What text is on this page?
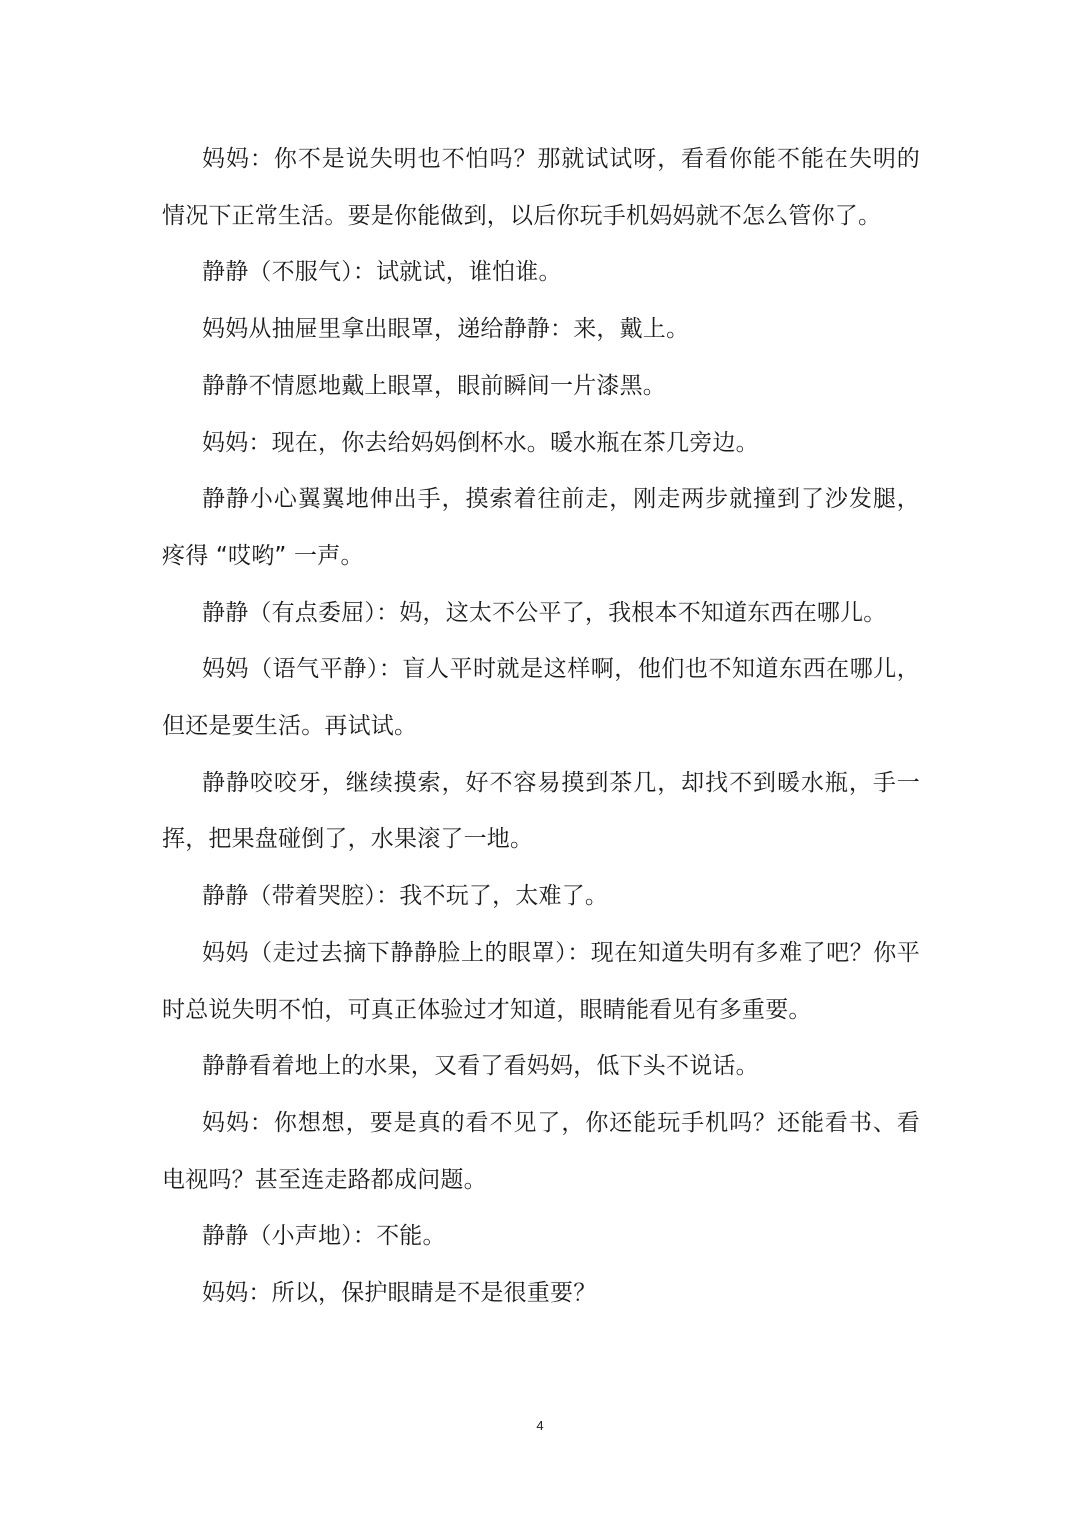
妈妈：你不是说失明也不怕吗？那就试试呀，看看你能不能在失明的情况下正常生活。要是你能做到，以后你玩手机妈妈就不怎么管你了。

静静（不服气）：试就试，谁怕谁。

妈妈从抽屉里拿出眼罩，递给静静：来，戴上。

静静不情愿地戴上眼罩，眼前瞬间一片漆黑。

妈妈：现在，你去给妈妈倒杯水。暖水瓶在茶几旁边。

静静小心翼翼地伸出手，摸索着往前走，刚走两步就撞到了沙发腿，疼得 “哎哟” 一声。

静静（有点委屈）：妈，这太不公平了，我根本不知道东西在哪儿。

妈妈（语气平静）：盲人平时就是这样啊，他们也不知道东西在哪儿，但还是要生活。再试试。

静静咬咬牙，继续摸索，好不容易摸到茶几，却找不到暖水瓶，手一挥，把果盘碰倒了，水果滚了一地。

静静（带着哭腔）：我不玩了，太难了。

妈妈（走过去摘下静静脸上的眼罩）：现在知道失明有多难了吧？你平时总说失明不怕，可真正体验过才知道，眼睛能看见有多重要。

静静看着地上的水果，又看了看妈妈，低下头不说话。

妈妈：你想想，要是真的看不见了，你还能玩手机吗？还能看书、看电视吗？甚至连走路都成问题。

静静（小声地）：不能。

妈妈：所以，保护眼睛是不是很重要？

4
